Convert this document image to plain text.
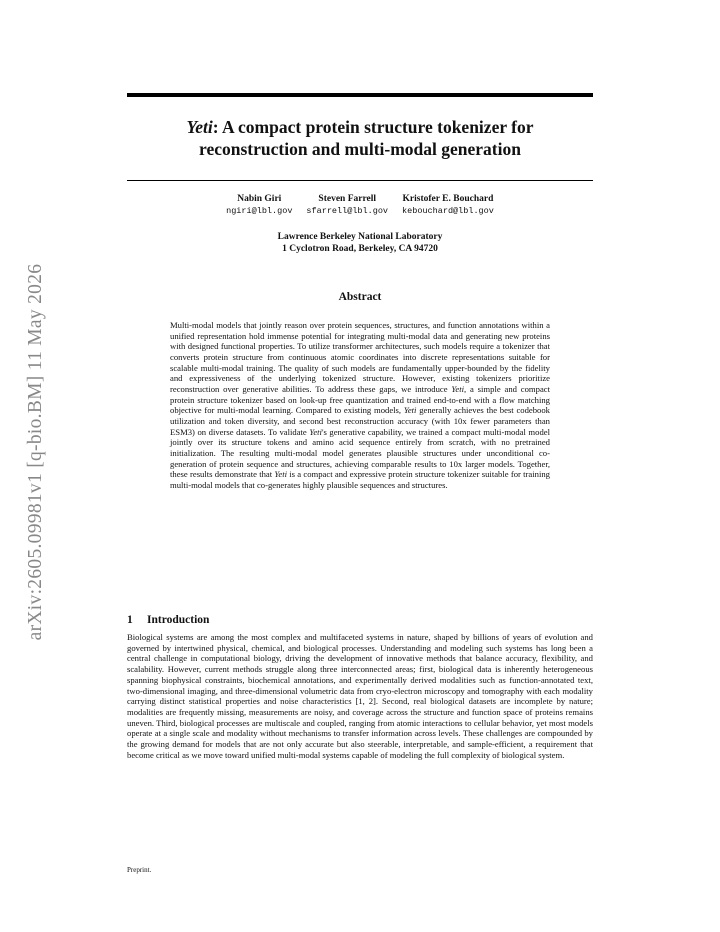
arXiv:2605.09981v1 [q-bio.BM] 11 May 2026
Yeti: A compact protein structure tokenizer for
reconstruction and multi-modal generation
Nabin Giri
ngiri@lbl.gov
Steven Farrell
sfarrell@lbl.gov
Kristofer E. Bouchard
kebouchard@lbl.gov
Lawrence Berkeley National Laboratory
1 Cyclotron Road, Berkeley, CA 94720
Abstract

Multi-modal models that jointly reason over protein sequences, structures, and function annotations within a unified representation hold immense potential for integrating multi-modal data and generating new proteins with designed functional properties. To utilize transformer architectures, such models require a tokenizer that converts protein structure from continuous atomic coordinates into discrete representations suitable for scalable multi-modal training. The quality of such models are fundamentally upper-bounded by the fidelity and expressiveness of the underlying tokenized structure. However, existing tokenizers prioritize reconstruction over generative abilities. To address these gaps, we introduce Yeti, a simple and compact protein structure tokenizer based on look-up free quantization and trained end-to-end with a flow matching objective for multi-modal learning. Compared to existing models, Yeti generally achieves the best codebook utilization and token diversity, and second best reconstruction accuracy (with 10x fewer parameters than ESM3) on diverse datasets. To validate Yeti's generative capability, we trained a compact multi-modal model jointly over its structure tokens and amino acid sequence entirely from scratch, with no pretrained initialization. The resulting multi-modal model generates plausible structures under unconditional co-generation of protein sequence and structures, achieving comparable results to 10x larger models. Together, these results demonstrate that Yeti is a compact and expressive protein structure tokenizer suitable for training multi-modal models that co-generates highly plausible sequences and structures.

1 Introduction

Biological systems are among the most complex and multifaceted systems in nature, shaped by billions of years of evolution and governed by intertwined physical, chemical, and biological processes. Understanding and modeling such systems has long been a central challenge in computational biology, driving the development of innovative methods that balance accuracy, flexibility, and scalability. However, current methods struggle along three interconnected areas; first, biological data is inherently heterogeneous spanning biophysical constraints, biochemical annotations, and experimentally derived modalities such as function-annotated text, two-dimensional imaging, and three-dimensional volumetric data from cryo-electron microscopy and tomography with each modality carrying distinct statistical properties and noise characteristics [1, 2]. Second, real biological datasets are incomplete by nature; modalities are frequently missing, measurements are noisy, and coverage across the structure and function space of proteins remains uneven. Third, biological processes are multiscale and coupled, ranging from atomic interactions to cellular behavior, yet most models operate at a single scale and modality without mechanisms to transfer information across levels. These challenges are compounded by the growing demand for models that are not only accurate but also steerable, interpretable, and sample-efficient, a requirement that become critical as we move toward unified multi-modal systems capable of modeling the full complexity of biological system.

Preprint.
